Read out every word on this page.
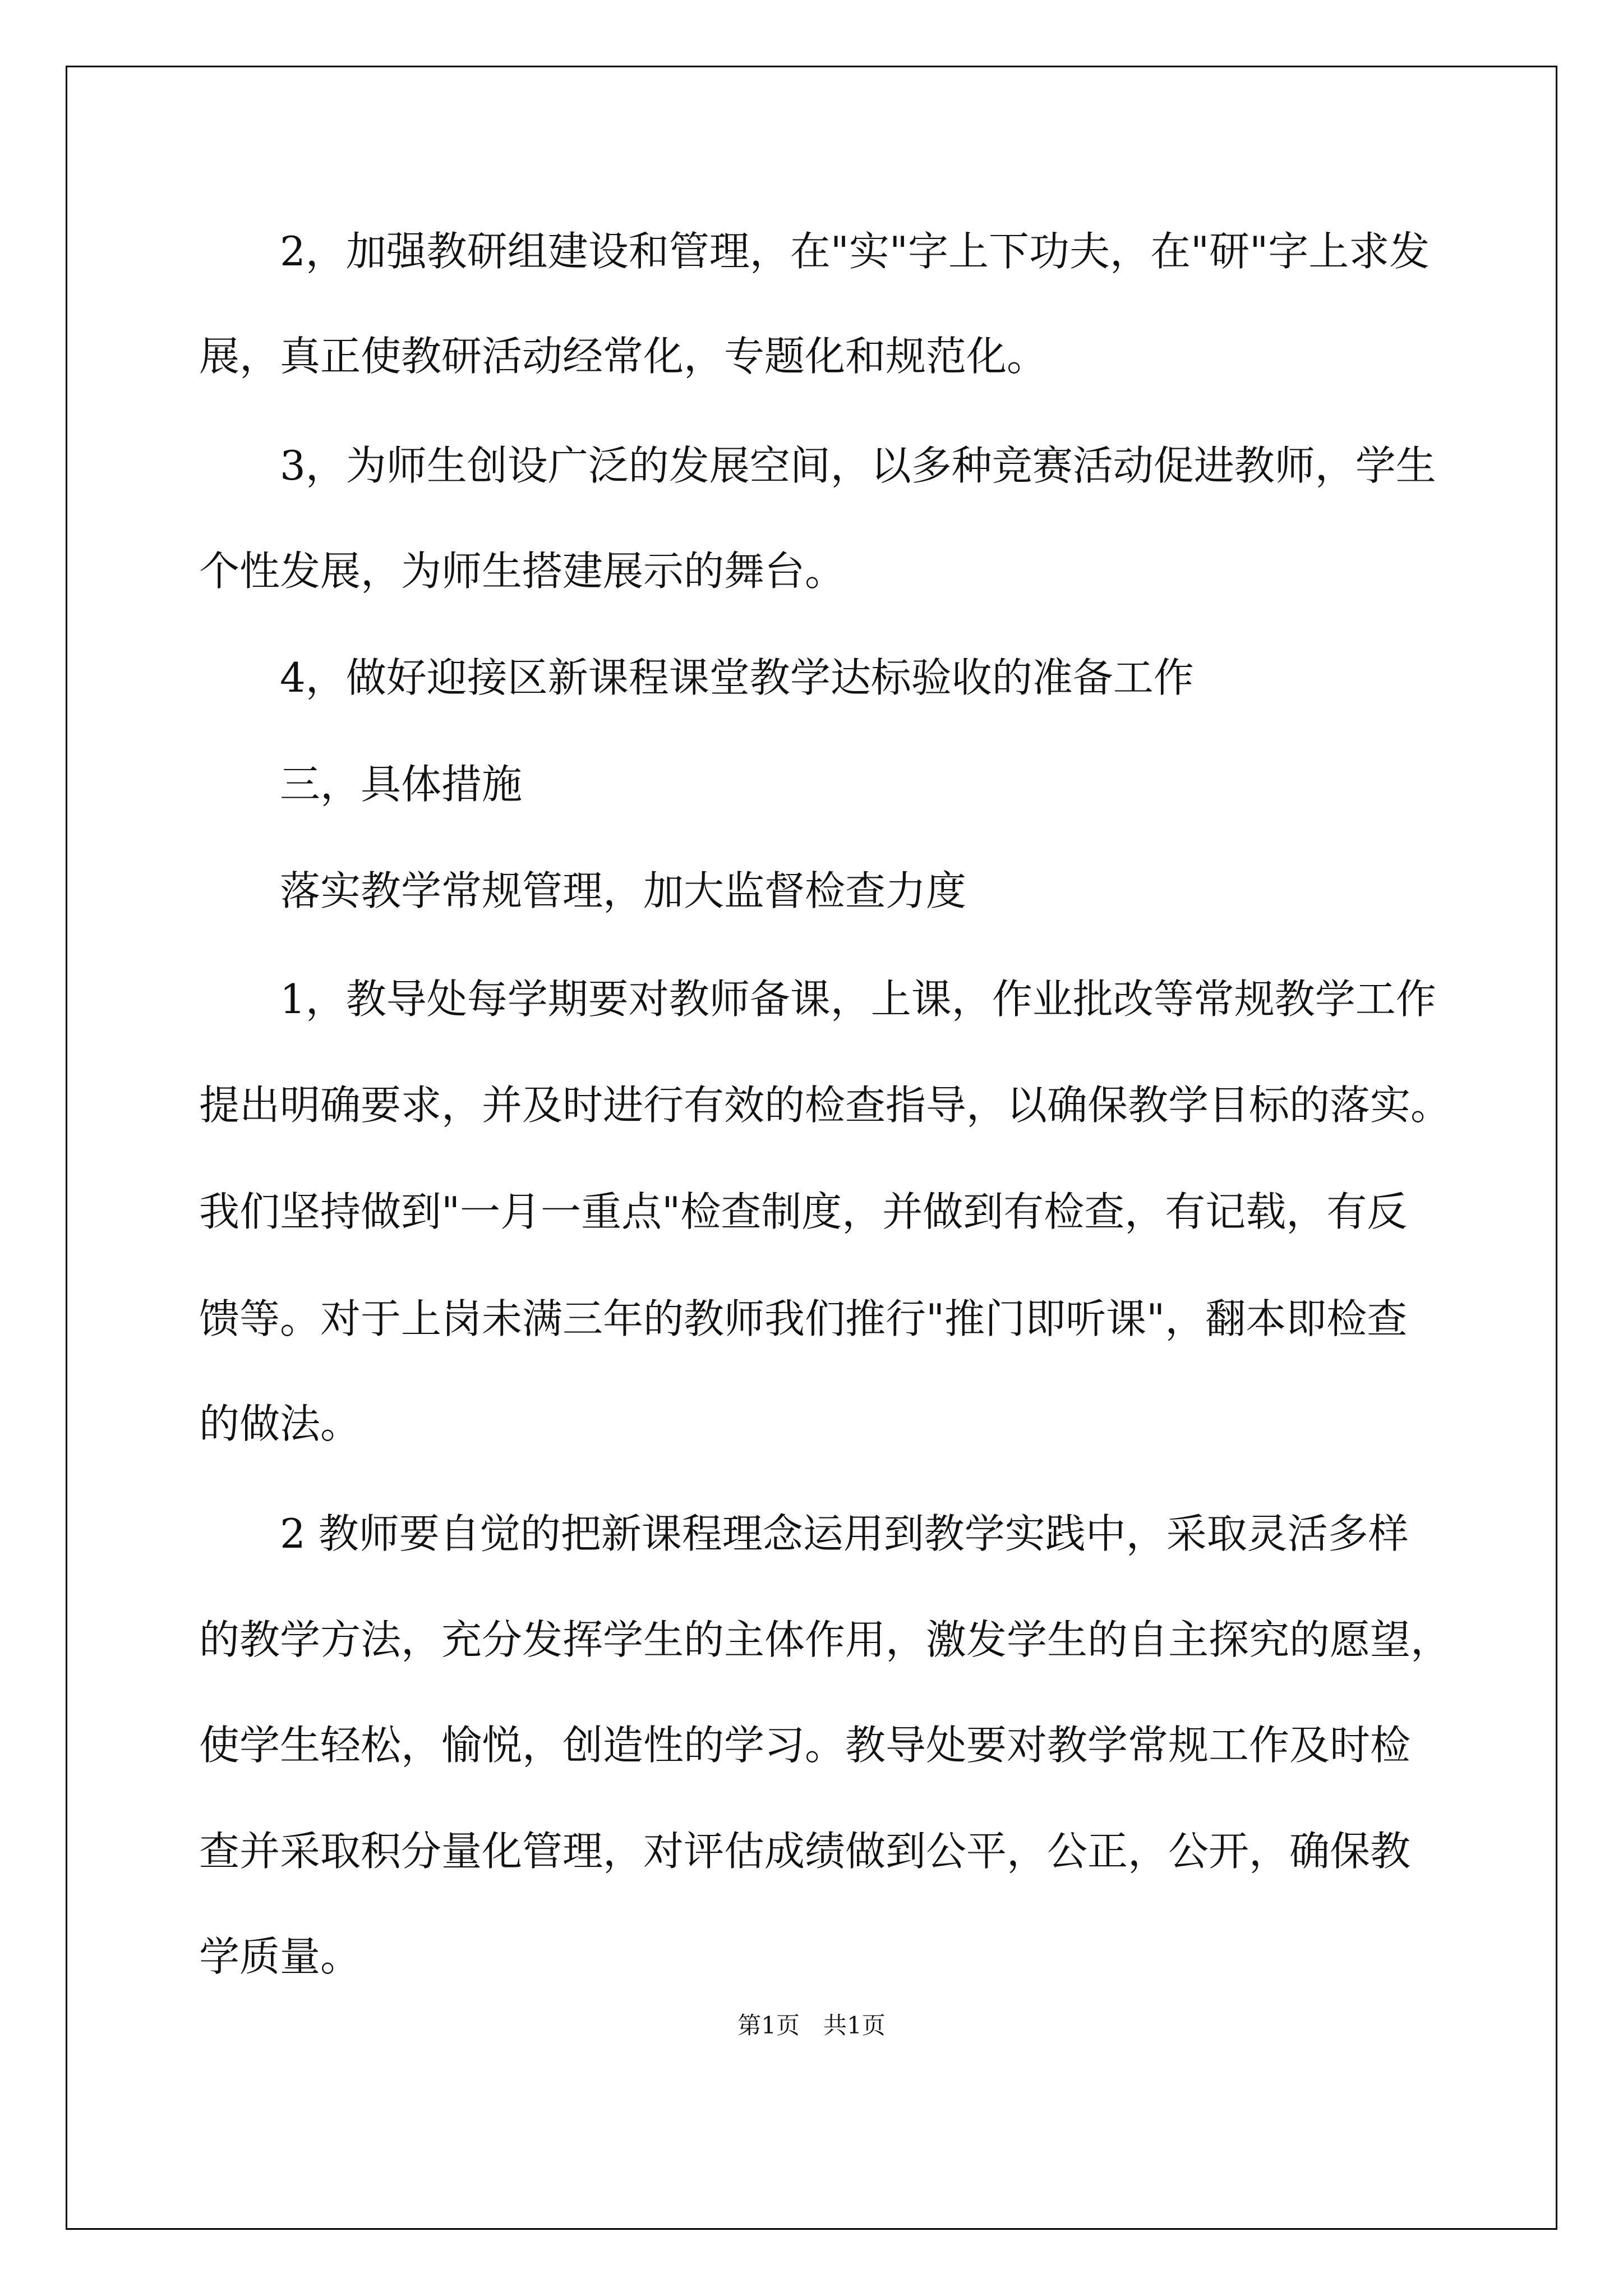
2，加强教研组建设和管理，在"实"字上下功夫，在"研"字上求发
展，真正使教研活动经常化，专题化和规范化。
3，为师生创设广泛的发展空间，以多种竞赛活动促进教师，学生
个性发展，为师生搭建展示的舞台。
4，做好迎接区新课程课堂教学达标验收的准备工作
三，具体措施
落实教学常规管理，加大监督检查力度
1，教导处每学期要对教师备课，上课，作业批改等常规教学工作
提出明确要求，并及时进行有效的检查指导，以确保教学目标的落实。
我们坚持做到"一月一重点"检查制度，并做到有检查，有记载，有反
馈等。对于上岗未满三年的教师我们推行"推门即听课"，翻本即检查
的做法。
2 教师要自觉的把新课程理念运用到教学实践中，采取灵活多样
的教学方法，充分发挥学生的主体作用，激发学生的自主探究的愿望，
使学生轻松，愉悦，创造性的学习。教导处要对教学常规工作及时检
查并采取积分量化管理，对评估成绩做到公平，公正，公开，确保教
学质量。
第1页　共1页
